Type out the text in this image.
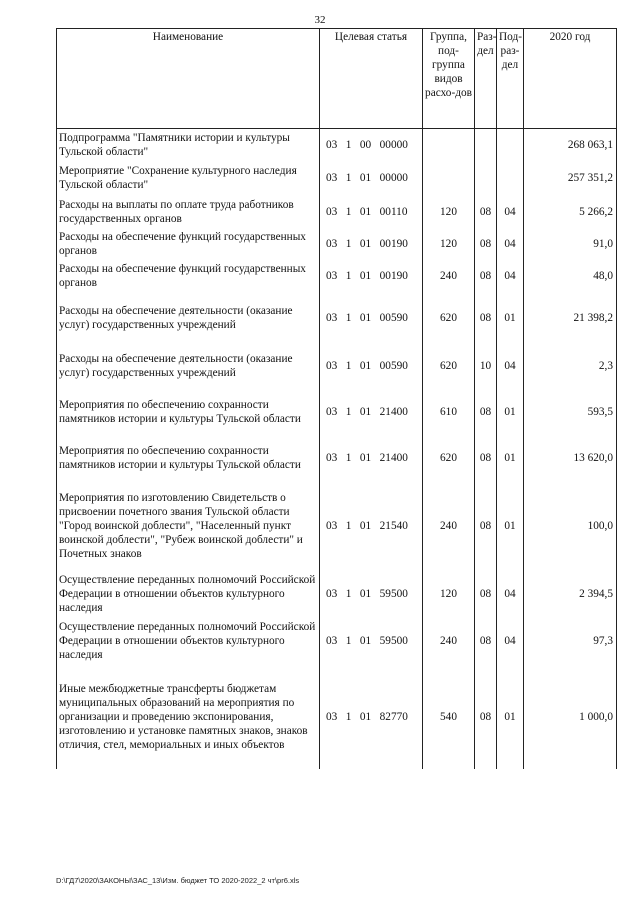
32
Наименование	Целевая статья	Группа, под-группа видов расхо-дов	Раз-дел	Под-раз-дел	2020 год
Подпрограмма "Памятники истории и культуры Тульской области"	03   1   00   00000				268 063,1
Мероприятие "Сохранение культурного наследия Тульской области"	03   1   01   00000				257 351,2
Расходы на выплаты по оплате труда работников государственных органов	03   1   01   00110	120	08	04	5 266,2
Расходы на обеспечение функций государственных органов	03   1   01   00190	120	08	04	91,0
Расходы на обеспечение функций государственных органов	03   1   01   00190	240	08	04	48,0
Расходы на обеспечение деятельности (оказание услуг) государственных учреждений	03   1   01   00590	620	08	01	21 398,2
Расходы на обеспечение деятельности (оказание услуг) государственных учреждений	03   1   01   00590	620	10	04	2,3
Мероприятия по обеспечению сохранности памятников истории и культуры Тульской области	03   1   01   21400	610	08	01	593,5
Мероприятия по обеспечению сохранности памятников истории и культуры Тульской области	03   1   01   21400	620	08	01	13 620,0
Мероприятия по изготовлению Свидетельств о присвоении почетного звания Тульской области "Город воинской доблести", "Населенный пункт воинской доблести", "Рубеж воинской доблести" и Почетных знаков	03   1   01   21540	240	08	01	100,0
Осуществление переданных полномочий Российской Федерации в отношении объектов культурного наследия	03   1   01   59500	120	08	04	2 394,5
Осуществление переданных полномочий Российской Федерации в отношении объектов культурного наследия	03   1   01   59500	240	08	04	97,3
Иные межбюджетные трансферты бюджетам муниципальных образований на мероприятия по организации и проведению экспонирования, изготовлению и установке памятных знаков, знаков отличия, стел, мемориальных и иных объектов	03   1   01   82770	540	08	01	1 000,0
D:\ГД7\2020\ЗАКОНЫ\ЗАС_13\Изм. бюджет ТО 2020-2022_2 чт\pr6.xls
